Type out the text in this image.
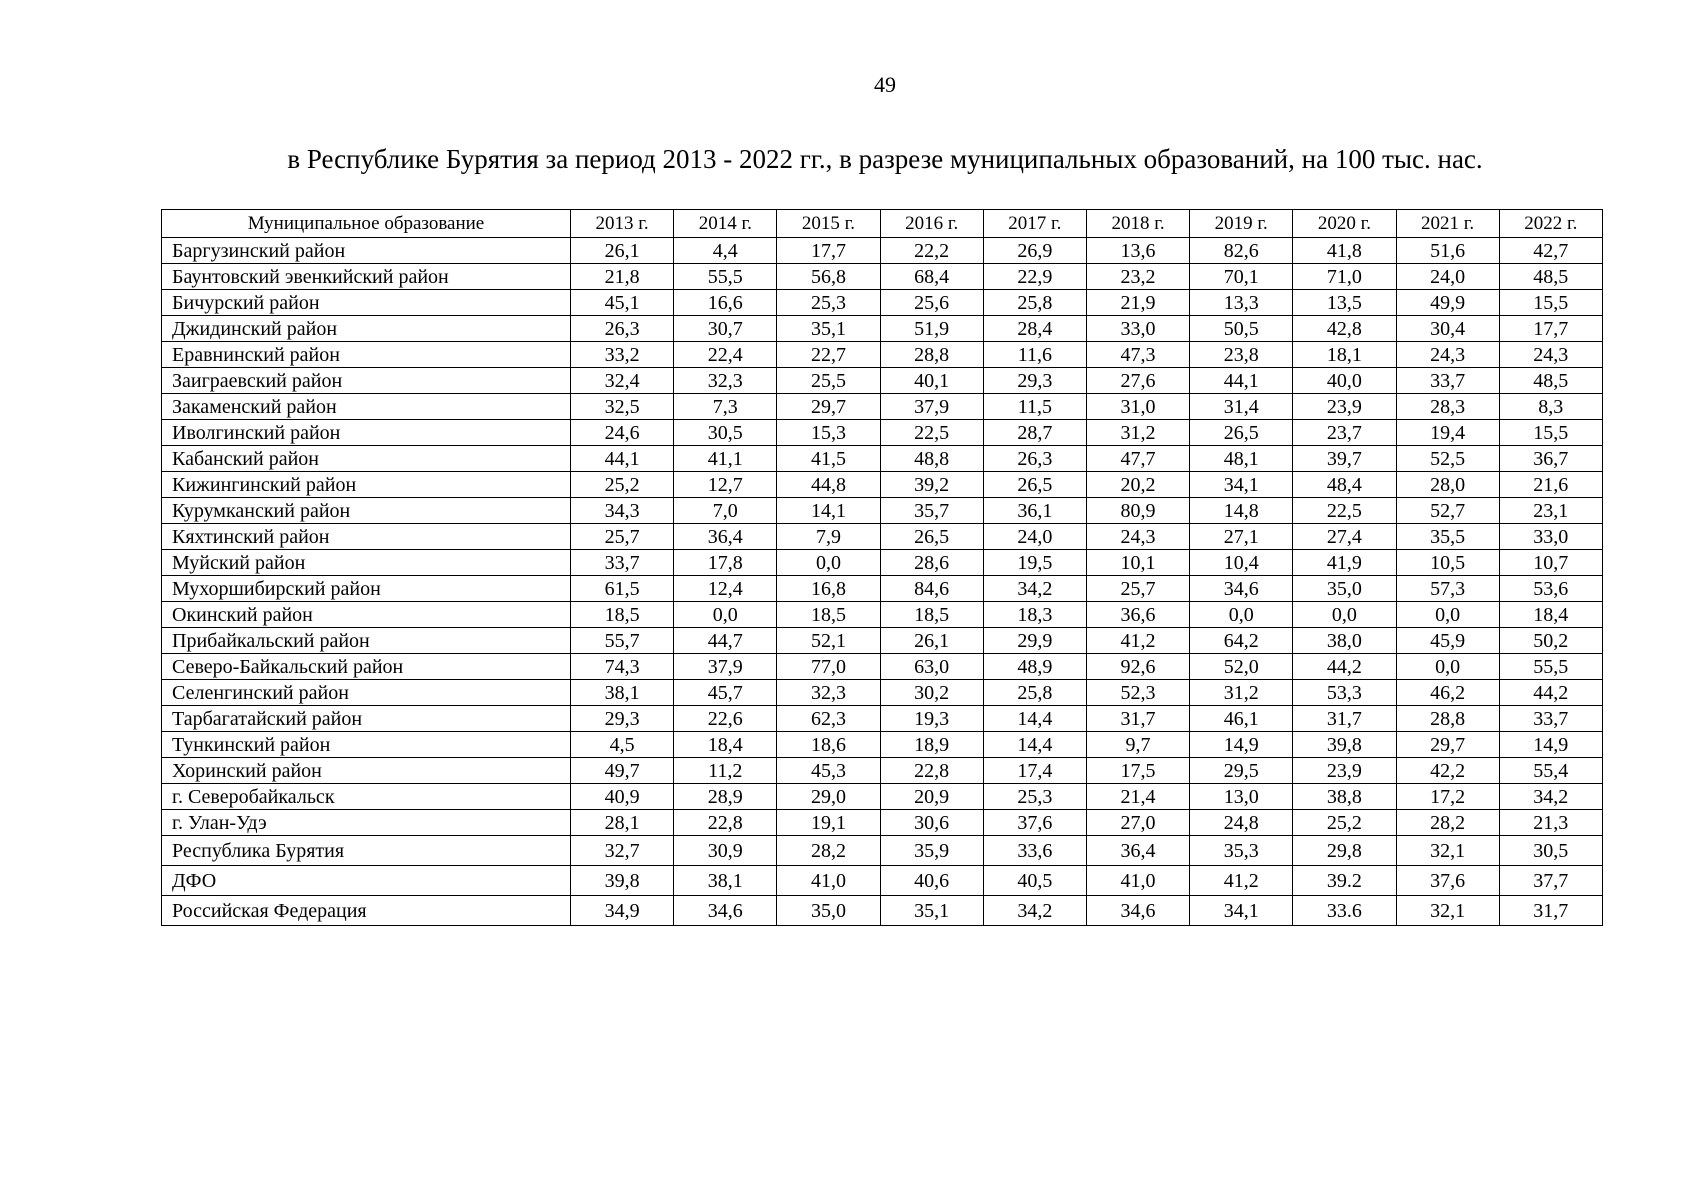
49
в Республике Бурятия за период 2013 - 2022 гг., в разрезе муниципальных образований, на 100 тыс. нас.
Муниципальное образование	2013 г.	2014 г.	2015 г.	2016 г.	2017 г.	2018 г.	2019 г.	2020 г.	2021 г.	2022 г.
Баргузинский район	26,1	4,4	17,7	22,2	26,9	13,6	82,6	41,8	51,6	42,7
Баунтовский эвенкийский район	21,8	55,5	56,8	68,4	22,9	23,2	70,1	71,0	24,0	48,5
Бичурский район	45,1	16,6	25,3	25,6	25,8	21,9	13,3	13,5	49,9	15,5
Джидинский район	26,3	30,7	35,1	51,9	28,4	33,0	50,5	42,8	30,4	17,7
Еравнинский район	33,2	22,4	22,7	28,8	11,6	47,3	23,8	18,1	24,3	24,3
Заиграевский район	32,4	32,3	25,5	40,1	29,3	27,6	44,1	40,0	33,7	48,5
Закаменский район	32,5	7,3	29,7	37,9	11,5	31,0	31,4	23,9	28,3	8,3
Иволгинский район	24,6	30,5	15,3	22,5	28,7	31,2	26,5	23,7	19,4	15,5
Кабанский район	44,1	41,1	41,5	48,8	26,3	47,7	48,1	39,7	52,5	36,7
Кижингинский район	25,2	12,7	44,8	39,2	26,5	20,2	34,1	48,4	28,0	21,6
Курумканский район	34,3	7,0	14,1	35,7	36,1	80,9	14,8	22,5	52,7	23,1
Кяхтинский район	25,7	36,4	7,9	26,5	24,0	24,3	27,1	27,4	35,5	33,0
Муйский район	33,7	17,8	0,0	28,6	19,5	10,1	10,4	41,9	10,5	10,7
Мухоршибирский район	61,5	12,4	16,8	84,6	34,2	25,7	34,6	35,0	57,3	53,6
Окинский район	18,5	0,0	18,5	18,5	18,3	36,6	0,0	0,0	0,0	18,4
Прибайкальский район	55,7	44,7	52,1	26,1	29,9	41,2	64,2	38,0	45,9	50,2
Северо-Байкальский район	74,3	37,9	77,0	63,0	48,9	92,6	52,0	44,2	0,0	55,5
Селенгинский район	38,1	45,7	32,3	30,2	25,8	52,3	31,2	53,3	46,2	44,2
Тарбагатайский район	29,3	22,6	62,3	19,3	14,4	31,7	46,1	31,7	28,8	33,7
Тункинский район	4,5	18,4	18,6	18,9	14,4	9,7	14,9	39,8	29,7	14,9
Хоринский район	49,7	11,2	45,3	22,8	17,4	17,5	29,5	23,9	42,2	55,4
г. Северобайкальск	40,9	28,9	29,0	20,9	25,3	21,4	13,0	38,8	17,2	34,2
г. Улан-Удэ	28,1	22,8	19,1	30,6	37,6	27,0	24,8	25,2	28,2	21,3
Республика Бурятия	32,7	30,9	28,2	35,9	33,6	36,4	35,3	29,8	32,1	30,5
ДФО	39,8	38,1	41,0	40,6	40,5	41,0	41,2	39.2	37,6	37,7
Российская Федерация	34,9	34,6	35,0	35,1	34,2	34,6	34,1	33.6	32,1	31,7
